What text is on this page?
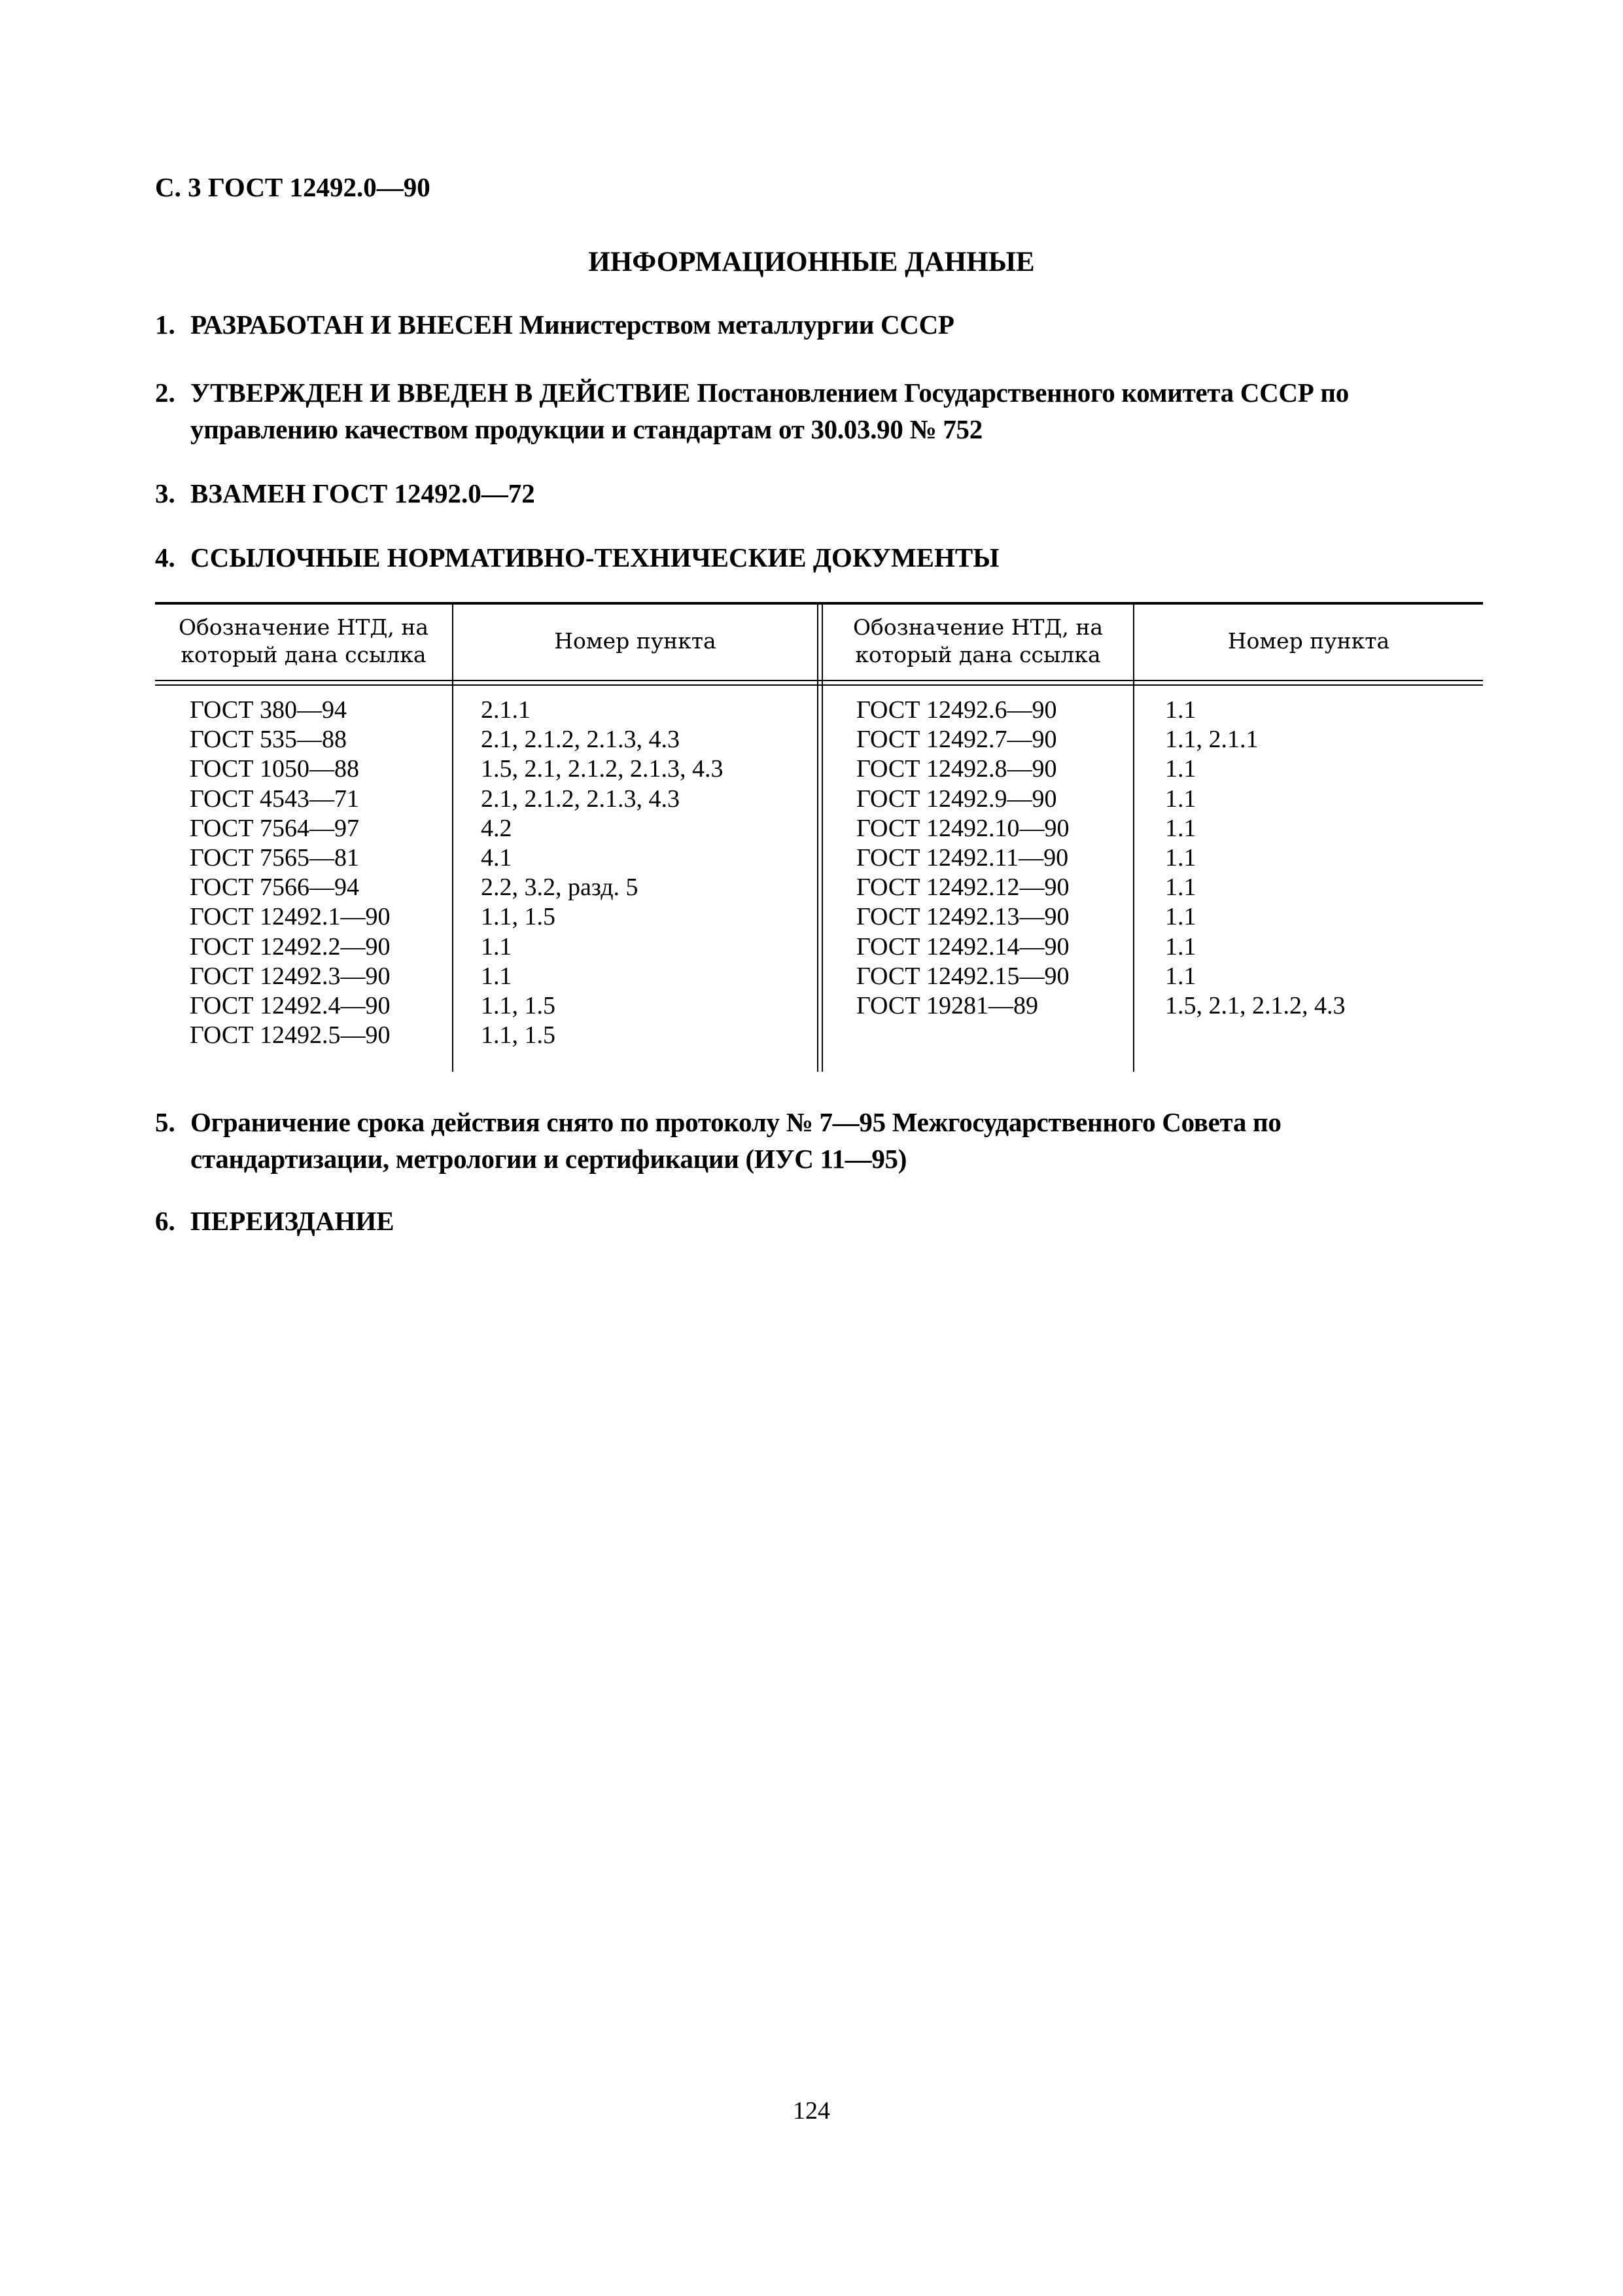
С. 3 ГОСТ 12492.0—90
ИНФОРМАЦИОННЫЕ ДАННЫЕ
1. РАЗРАБОТАН И ВНЕСЕН Министерством металлургии СССР
2. УТВЕРЖДЕН И ВВЕДЕН В ДЕЙСТВИЕ Постановлением Государственного комитета СССР по управлению качеством продукции и стандартам от 30.03.90 № 752
3. ВЗАМЕН ГОСТ 12492.0—72
4. ССЫЛОЧНЫЕ НОРМАТИВНО-ТЕХНИЧЕСКИЕ ДОКУМЕНТЫ
Обозначение НТД, на который дана ссылка
Номер пункта
Обозначение НТД, на который дана ссылка
Номер пункта
ГОСТ 380—94
ГОСТ 535—88
ГОСТ 1050—88
ГОСТ 4543—71
ГОСТ 7564—97
ГОСТ 7565—81
ГОСТ 7566—94
ГОСТ 12492.1—90
ГОСТ 12492.2—90
ГОСТ 12492.3—90
ГОСТ 12492.4—90
ГОСТ 12492.5—90
2.1.1
2.1, 2.1.2, 2.1.3, 4.3
1.5, 2.1, 2.1.2, 2.1.3, 4.3
2.1, 2.1.2, 2.1.3, 4.3
4.2
4.1
2.2, 3.2, разд. 5
1.1, 1.5
1.1
1.1
1.1, 1.5
1.1, 1.5
ГОСТ 12492.6—90
ГОСТ 12492.7—90
ГОСТ 12492.8—90
ГОСТ 12492.9—90
ГОСТ 12492.10—90
ГОСТ 12492.11—90
ГОСТ 12492.12—90
ГОСТ 12492.13—90
ГОСТ 12492.14—90
ГОСТ 12492.15—90
ГОСТ 19281—89
1.1
1.1, 2.1.1
1.1
1.1
1.1
1.1
1.1
1.1
1.1
1.1
1.5, 2.1, 2.1.2, 4.3
5. Ограничение срока действия снято по протоколу № 7—95 Межгосударственного Совета по стандартизации, метрологии и сертификации (ИУС 11—95)
6. ПЕРЕИЗДАНИЕ
124
